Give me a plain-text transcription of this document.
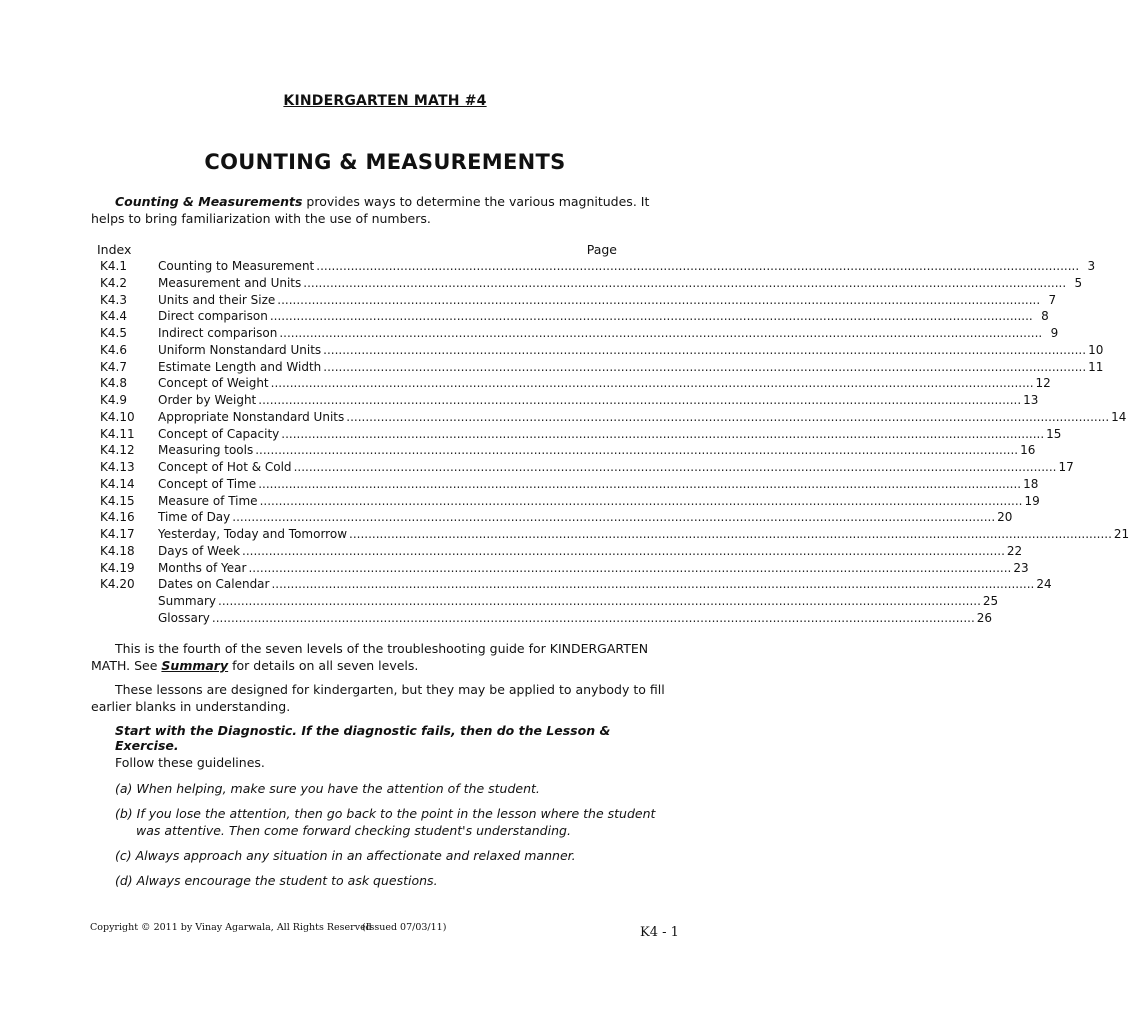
KINDERGARTEN MATH #4
COUNTING & MEASUREMENTS
Counting & Measurements provides ways to determine the various magnitudes. It helps to bring familiarization with the use of numbers.
Index	Page
K4.1	Counting to Measurement ........................................................................................................................................................................................................ 3
K4.2	Measurement and Units ........................................................................................................................................................................................................ 5
K4.3	Units and their Size ........................................................................................................................................................................................................ 7
K4.4	Direct comparison ........................................................................................................................................................................................................ 8
K4.5	Indirect comparison ........................................................................................................................................................................................................ 9
K4.6	Uniform Nonstandard Units ........................................................................................................................................................................................................ 10
K4.7	Estimate Length and Width ........................................................................................................................................................................................................ 11
K4.8	Concept of Weight ........................................................................................................................................................................................................ 12
K4.9	Order by Weight ........................................................................................................................................................................................................ 13
K4.10 Appropriate Nonstandard Units ........................................................................................................................................................................................................ 14
K4.11 Concept of Capacity ........................................................................................................................................................................................................ 15
K4.12 Measuring tools ........................................................................................................................................................................................................ 16
K4.13 Concept of Hot & Cold ........................................................................................................................................................................................................ 17
K4.14 Concept of Time ........................................................................................................................................................................................................ 18
K4.15 Measure of Time ........................................................................................................................................................................................................ 19
K4.16 Time of Day ........................................................................................................................................................................................................ 20
K4.17 Yesterday, Today and Tomorrow ........................................................................................................................................................................................................ 21
K4.18 Days of Week ........................................................................................................................................................................................................ 22
K4.19 Months of Year ........................................................................................................................................................................................................ 23
K4.20 Dates on Calendar ........................................................................................................................................................................................................ 24
Summary ........................................................................................................................................................................................................ 25
Glossary ........................................................................................................................................................................................................ 26
This is the fourth of the seven levels of the troubleshooting guide for KINDERGARTEN MATH. See Summary for details on all seven levels.
These lessons are designed for kindergarten, but they may be applied to anybody to fill earlier blanks in understanding.
Start with the Diagnostic. If the diagnostic fails, then do the Lesson & Exercise.
Follow these guidelines.
(a) When helping, make sure you have the attention of the student.
(b) If you lose the attention, then go back to the point in the lesson where the student was attentive. Then come forward checking student's understanding.
(c) Always approach any situation in an affectionate and relaxed manner.
(d) Always encourage the student to ask questions.
Copyright © 2011 by Vinay Agarwala, All Rights Reserved
(Issued 07/03/11)	K4 - 1
